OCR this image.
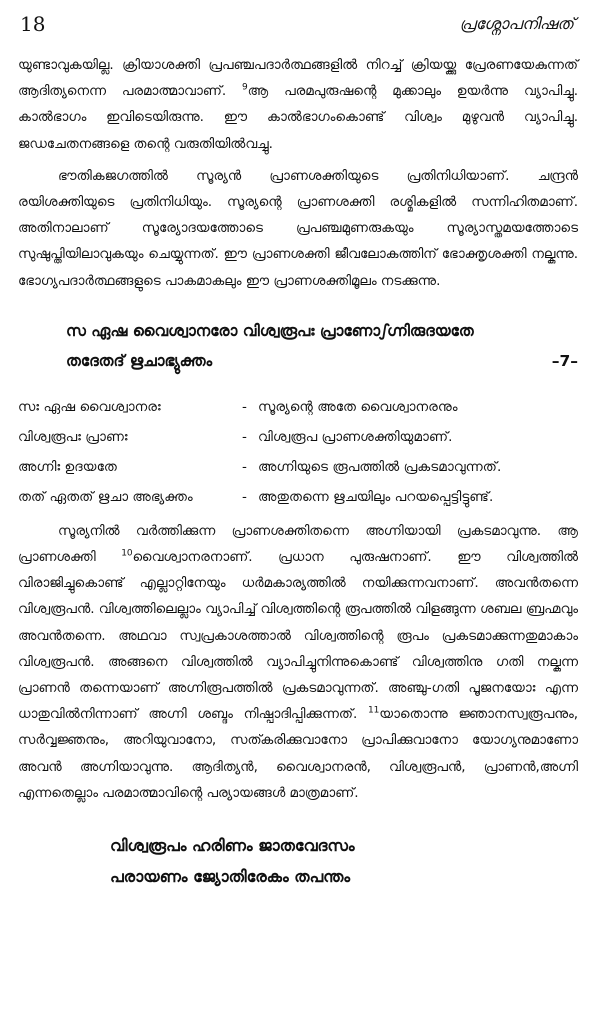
18	പ്രശ്നോപനിഷത്

യുണ്ടാവുകയില്ല. ക്രിയാശക്തി പ്രപഞ്ചപദാർത്ഥങ്ങളിൽ നിറച്ച് ക്രിയയ്ക്കു പ്രേരണയേകുന്നത് ആദിത്യനെന്ന പരമാത്മാവാണ്. $^9$ആ പരമപുരുഷന്റെ മുക്കാലും ഉയർന്നു വ്യാപിച്ചു. കാൽഭാഗം ഇവിടെയിരുന്നു. ഈ കാൽഭാഗംകൊണ്ട് വിശ്വം മുഴുവൻ വ്യാപിച്ചു. ജഡചേതനങ്ങളെ തന്റെ വരുതിയിൽവച്ചു.

ഭൗതികജഗത്തിൽ സൂര്യൻ പ്രാണശക്തിയുടെ പ്രതിനിധിയാണ്. ചന്ദ്രൻ രയിശക്തിയുടെ പ്രതിനിധിയും. സൂര്യന്റെ പ്രാണശക്തി രശ്മികളിൽ സന്നിഹിതമാണ്. അതിനാലാണ് സൂര്യോദയത്തോടെ പ്രപഞ്ചമുണരുകയും സൂര്യാസ്തമയത്തോടെ സുഷുപ്തിയിലാവുകയും ചെയ്യുന്നത്. ഈ പ്രാണശക്തി ജീവലോകത്തിന് ഭോക്തൃശക്തി നല്കുന്നു. ഭോഗ്യപദാർത്ഥങ്ങളുടെ പാകമാകലും ഈ പ്രാണശക്തിമൂലം നടക്കുന്നു.

സ ഏഷ വൈശ്വാനരോ വിശ്വരൂപഃ പ്രാണോഽഗ്നിരുദയതേ
തദേതദ് ഋചാഭ്യുക്തം	–7–
സഃ ഏഷ വൈശ്വാനരഃ	- സൂര്യന്റെ അതേ വൈശ്വാനരനും
വിശ്വരൂപഃ പ്രാണഃ	- വിശ്വരൂപ പ്രാണശക്തിയുമാണ്.
അഗ്നിഃ ഉദയതേ	- അഗ്നിയുടെ രൂപത്തിൽ പ്രകടമാവുന്നത്.
തത് ഏതത് ഋചാ അഭ്യക്തം	- അതുതന്നെ ഋചയിലും പറയപ്പെട്ടിട്ടുണ്ട്.

സൂര്യനിൽ വർത്തിക്കുന്ന പ്രാണശക്തിതന്നെ അഗ്നിയായി പ്രകടമാവുന്നു. ആ പ്രാണശക്തി $^{10}$വൈശ്വാനരനാണ്. പ്രധാന പുരുഷനാണ്. ഈ വിശ്വത്തിൽ വിരാജിച്ചുകൊണ്ട് എല്ലാറ്റിനേയും ധർമകാര്യത്തിൽ നയിക്കുന്നവനാണ്. അവൻതന്നെ വിശ്വരൂപൻ. വിശ്വത്തിലെല്ലാം വ്യാപിച്ച് വിശ്വത്തിന്റെ രൂപത്തിൽ വിളങ്ങുന്ന ശബല ബ്രഹ്മവും അവൻതന്നെ. അഥവാ സ്വപ്രകാശത്താൽ വിശ്വത്തിന്റെ രൂപം പ്രകടമാക്കുന്നതുമാകാം വിശ്വരൂപൻ. അങ്ങനെ വിശ്വത്തിൽ വ്യാപിച്ചുനിന്നുകൊണ്ട് വിശ്വത്തിനു ഗതി നല്കുന്ന പ്രാണൻ തന്നെയാണ് അഗ്നിരൂപത്തിൽ പ്രകടമാവുന്നത്. അഞ്ചു-ഗതി പൂജനയോഃ എന്ന ധാതുവിൽനിന്നാണ് അഗ്നി ശബ്ദം നിഷ്പാദിപ്പിക്കുന്നത്. $^{11}$യാതൊന്നു ജ്ഞാനസ്വരൂപനും, സർവ്വജ്ഞനും, അറിയുവാനോ, സത്കരിക്കുവാനോ പ്രാപിക്കുവാനോ യോഗ്യനുമാണോ അവൻ അഗ്നിയാവുന്നു. ആദിത്യൻ, വൈശ്വാനരൻ, വിശ്വരൂപൻ, പ്രാണൻ,അഗ്നി എന്നതെല്ലാം പരമാത്മാവിന്റെ പര്യായങ്ങൾ മാത്രമാണ്.

വിശ്വരൂപം ഹരിണം ജാതവേദസം
പരായണം ജ്യോതിരേകം തപന്തം
